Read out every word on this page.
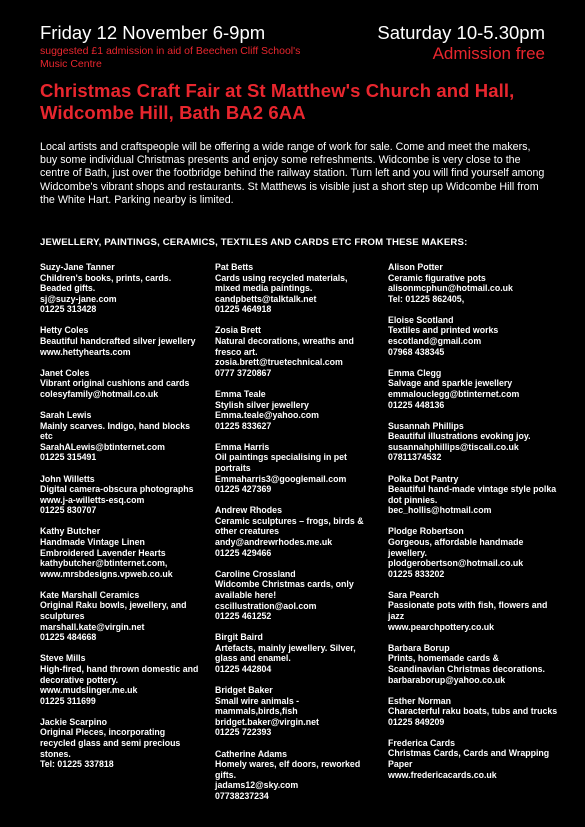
Friday 12 November 6-9pm
suggested £1 admission in aid of Beechen Cliff School's Music Centre
Saturday 10-5.30pm
Admission free
Christmas Craft Fair at St Matthew's Church and Hall, Widcombe Hill, Bath BA2 6AA
Local artists and craftspeople will be offering a wide range of work for sale. Come and meet the makers, buy some individual Christmas presents and enjoy some refreshments. Widcombe is very close to the centre of Bath, just over the footbridge behind the railway station. Turn left and you will find yourself among Widcombe's vibrant shops and restaurants. St Matthews is visible just a short step up Widcombe Hill from the White Hart. Parking nearby is limited.
JEWELLERY, PAINTINGS, CERAMICS, TEXTILES AND CARDS ETC FROM THESE MAKERS:
Suzy-Jane Tanner
Children's books, prints, cards. Beaded gifts.
sj@suzy-jane.com
01225 313428
Hetty Coles
Beautiful handcrafted silver jewellery
www.hettyhearts.com
Janet Coles
Vibrant original cushions and cards
colesyfamily@hotmail.co.uk
Sarah Lewis
Mainly scarves. Indigo, hand blocks etc
SarahALewis@btinternet.com
01225 315491
John Willetts
Digital camera-obscura photographs
www.j-a-willetts-esq.com
01225 830707
Kathy Butcher
Handmade Vintage Linen
Embroidered Lavender Hearts
kathybutcher@btinternet.com,
www.mrsbdesigns.vpweb.co.uk
Kate Marshall Ceramics
Original Raku bowls, jewellery, and sculptures
marshall.kate@virgin.net
01225 484668
Steve Mills
High-fired, hand thrown domestic and decorative pottery.
www.mudslinger.me.uk
01225 311699
Jackie Scarpino
Original Pieces, incorporating recycled glass and semi precious stones.
Tel: 01225 337818
Pat Betts
Cards using recycled materials, mixed media paintings.
candpbetts@talktalk.net
01225 464918
Zosia Brett
Natural decorations, wreaths and fresco art.
zosia.brett@truetechnical.com
0777 3720867
Emma Teale
Stylish silver jewellery
Emma.teale@yahoo.com
01225 833627
Emma Harris
Oil paintings specialising in pet portraits
Emmaharris3@googlemail.com
01225 427369
Andrew Rhodes
Ceramic sculptures – frogs, birds & other creatures
andy@andrewrhodes.me.uk
01225 429466
Caroline Crossland
Widcombe Christmas cards, only available here!
cscillustration@aol.com
01225 461252
Birgit Baird
Artefacts, mainly jewellery. Silver, glass and enamel.
01225 442804
Bridget Baker
Small wire animals - mammals,birds,fish
bridget.baker@virgin.net
01225 722393
Catherine Adams
Homely wares, elf doors, reworked gifts.
jadams12@sky.com
07738237234
Alison Potter
Ceramic figurative pots
alisonmcphun@hotmail.co.uk
Tel: 01225 862405,
Eloise Scotland
Textiles and printed works
escotland@gmail.com
07968 438345
Emma Clegg
Salvage and sparkle jewellery
emmalouclegg@btinternet.com
01225 448136
Susannah Phillips
Beautiful illustrations evoking joy.
susannahphillips@tiscali.co.uk
07811374532
Polka Dot Pantry
Beautiful hand-made vintage style polka dot pinnies.
bec_hollis@hotmail.com
Plodge Robertson
Gorgeous, affordable handmade jewellery.
plodgerobertson@hotmail.co.uk
01225 833202
Sara Pearch
Passionate pots with fish, flowers and jazz
www.pearchpottery.co.uk
Barbara Borup
Prints, homemade cards & Scandinavian Christmas decorations.
barbaraborup@yahoo.co.uk
Esther Norman
Characterful raku boats, tubs and trucks
01225 849209
Frederica Cards
Christmas Cards, Cards and Wrapping Paper
www.fredericacards.co.uk
